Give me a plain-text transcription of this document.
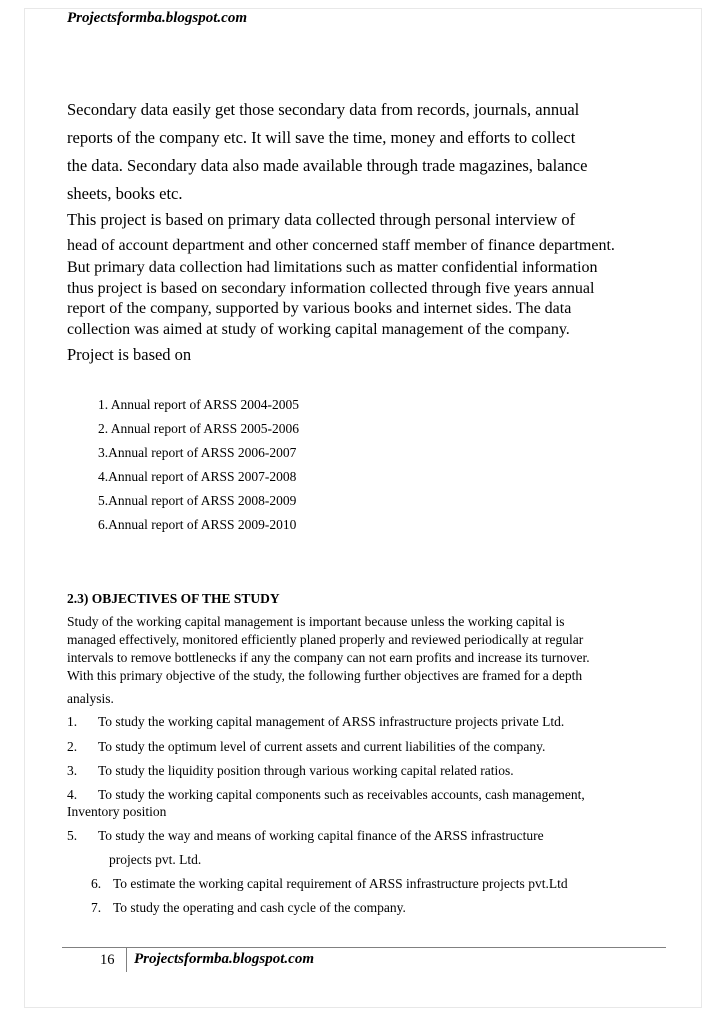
Projectsformba.blogspot.com
Secondary data easily get those secondary data from records, journals, annual
reports of the company etc. It will save the time, money and efforts to collect
the data. Secondary data also made available through trade magazines, balance
sheets, books etc.
This project is based on primary data collected through personal interview of
head of account department and other concerned staff member of finance department.
But primary data collection had limitations such as matter confidential information
thus project is based on secondary information collected through five years annual
report of the company, supported by various books and internet sides. The data
collection was aimed at study of working capital management of the company.
Project is based on
1. Annual report of ARSS 2004-2005
2. Annual report of ARSS 2005-2006
3.Annual report of ARSS 2006-2007
4.Annual report of ARSS 2007-2008
5.Annual report of ARSS 2008-2009
6.Annual report of ARSS 2009-2010
2.3) OBJECTIVES OF THE STUDY
Study of the working capital management is important because unless the working capital is
managed effectively, monitored efficiently planed properly and reviewed periodically at regular
intervals to remove bottlenecks if any the company can not earn profits and increase its turnover.
With this primary objective of the study, the following further objectives are framed for a depth
analysis.
1. To study the working capital management of ARSS infrastructure projects private Ltd.
2. To study the optimum level of current assets and current liabilities of the company.
3. To study the liquidity position through various working capital related ratios.
4. To study the working capital components such as receivables accounts, cash management,
Inventory position
5. To study the way and means of working capital finance of the ARSS infrastructure
projects pvt. Ltd.
6. To estimate the working capital requirement of ARSS infrastructure projects pvt.Ltd
7. To study the operating and cash cycle of the company.
16 Projectsformba.blogspot.com
